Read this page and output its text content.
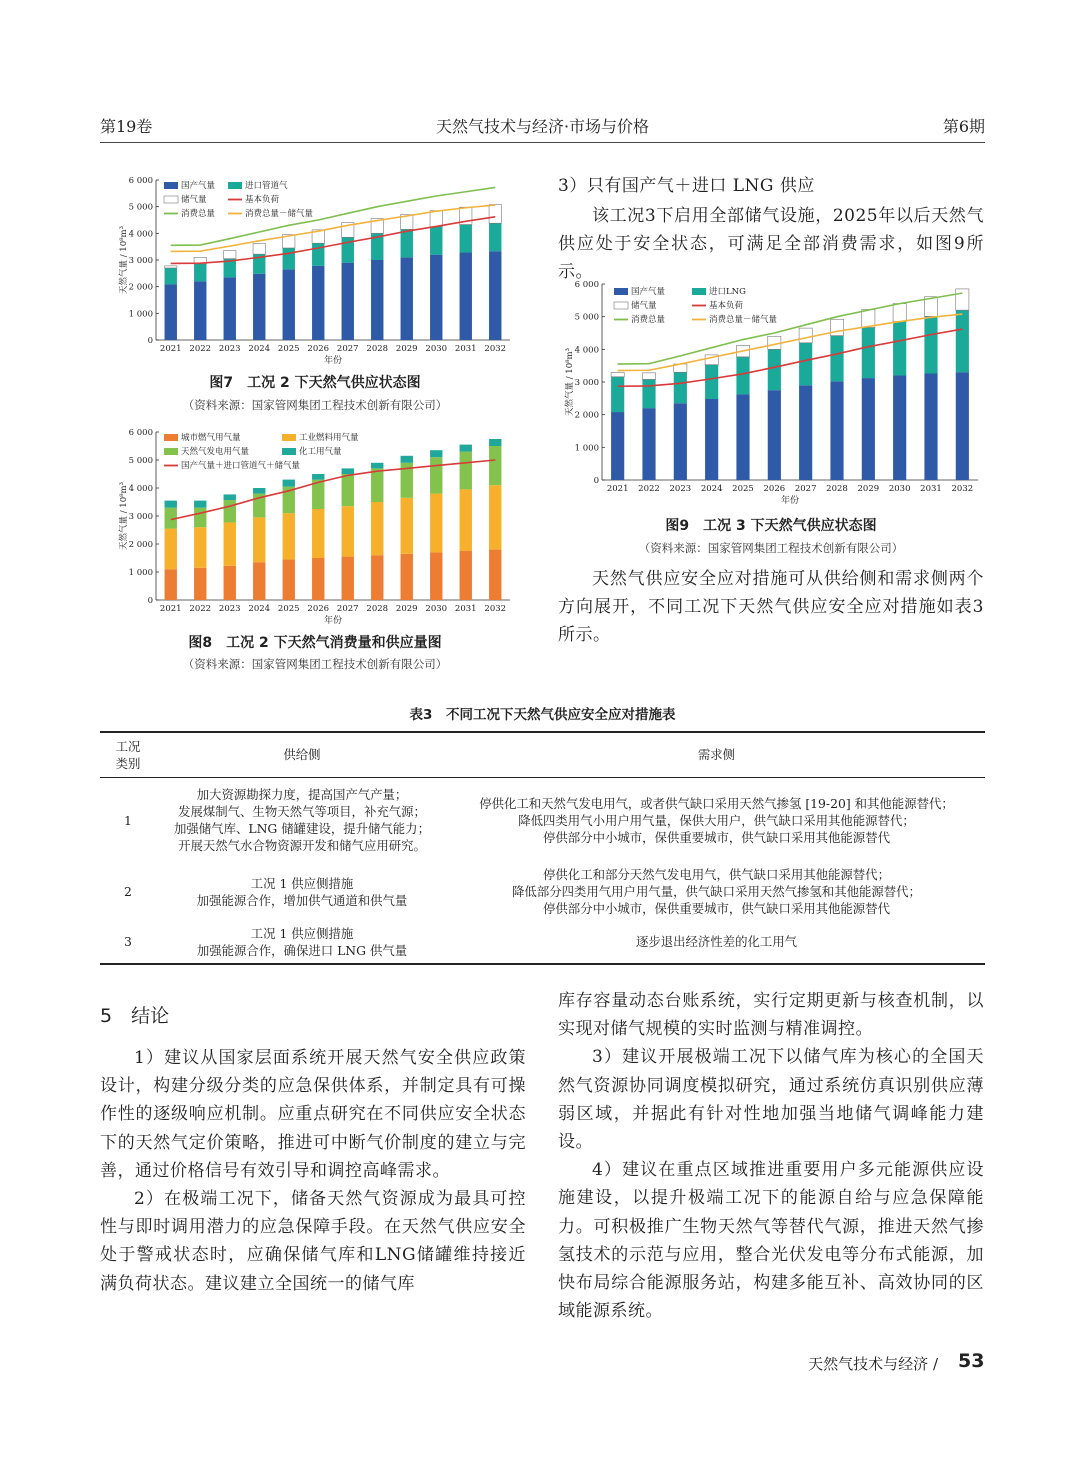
第19卷	天然气技术与经济·市场与价格	第6期
0
1 000
2 000
3 000
4 000
5 000
6 000
2021 2022 2023 2024 2025 2026 2027 2028 2029 2030 2031 2032
年份
天然气量 / 10⁸m³
国产气量	进口管道气
储气量	基本负荷
消费总量	消费总量－储气量
图7　工况 2 下天然气供应状态图
（资料来源：国家管网集团工程技术创新有限公司）
0
1 000
2 000
3 000
4 000
5 000
6 000
2021 2022 2023 2024 2025 2026 2027 2028 2029 2030 2031 2032
年份
天然气量 / 10⁸m³
城市燃气用气量	工业燃料用气量
天然气发电用气量	化工用气量
国产气量＋进口管道气＋储气量
图8　工况 2 下天然气消费量和供应量图
（资料来源：国家管网集团工程技术创新有限公司）
3）只有国产气＋进口 LNG 供应
该工况3下启用全部储气设施，2025年以后天然气供应处于安全状态，可满足全部消费需求，如图9所示。
0
1 000
2 000
3 000
4 000
5 000
6 000
2021 2022 2023 2024 2025 2026 2027 2028 2029 2030 2031 2032
年份
天然气量 / 10⁸m³
国产气量	进口LNG
储气量	基本负荷
消费总量	消费总量－储气量
图9　工况 3 下天然气供应状态图
（资料来源：国家管网集团工程技术创新有限公司）
天然气供应安全应对措施可从供给侧和需求侧两个方向展开，不同工况下天然气供应安全应对措施如表3所示。
表3　不同工况下天然气供应安全应对措施表
工况
类别	供给侧	需求侧
1	加大资源勘探力度，提高国产气产量；
发展煤制气、生物天然气等项目，补充气源；
加强储气库、LNG 储罐建设，提升储气能力；
开展天然气水合物资源开发和储气应用研究。	停供化工和天然气发电用气，或者供气缺口采用天然气掺氢 [19-20] 和其他能源替代；
降低四类用气小用户用气量，保供大用户，供气缺口采用其他能源替代；
停供部分中小城市，保供重要城市，供气缺口采用其他能源替代
2	工况 1 供应侧措施
加强能源合作，增加供气通道和供气量	停供化工和部分天然气发电用气，供气缺口采用其他能源替代；
降低部分四类用气用户用气量，供气缺口采用天然气掺氢和其他能源替代；
停供部分中小城市，保供重要城市，供气缺口采用其他能源替代
3	工况 1 供应侧措施
加强能源合作，确保进口 LNG 供气量	逐步退出经济性差的化工用气
5　结论
1）建议从国家层面系统开展天然气安全供应政策设计，构建分级分类的应急保供体系，并制定具有可操作性的逐级响应机制。应重点研究在不同供应安全状态下的天然气定价策略，推进可中断气价制度的建立与完善，通过价格信号有效引导和调控高峰需求。
2）在极端工况下，储备天然气资源成为最具可控性与即时调用潜力的应急保障手段。在天然气供应安全处于警戒状态时，应确保储气库和LNG储罐维持接近满负荷状态。建议建立全国统一的储气库
库存容量动态台账系统，实行定期更新与核查机制，以实现对储气规模的实时监测与精准调控。
3）建议开展极端工况下以储气库为核心的全国天然气资源协同调度模拟研究，通过系统仿真识别供应薄弱区域，并据此有针对性地加强当地储气调峰能力建设。
4）建议在重点区域推进重要用户多元能源供应设施建设，以提升极端工况下的能源自给与应急保障能力。可积极推广生物天然气等替代气源，推进天然气掺氢技术的示范与应用，整合光伏发电等分布式能源，加快布局综合能源服务站，构建多能互补、高效协同的区域能源系统。
天然气技术与经济 / 53
